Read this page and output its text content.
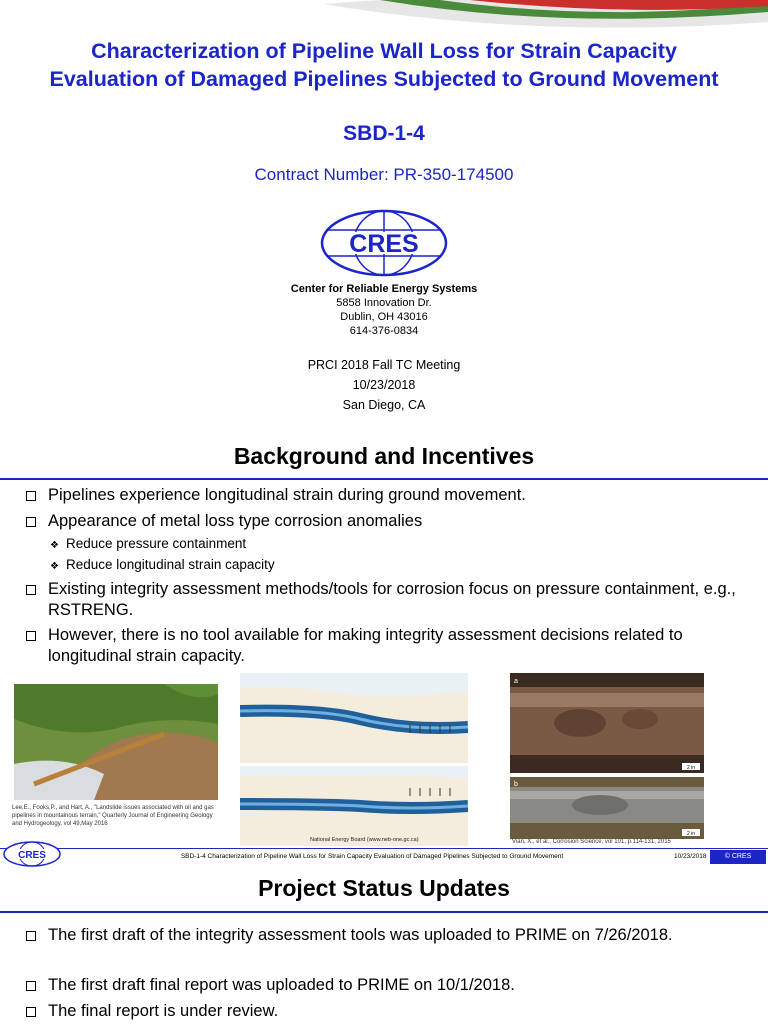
Characterization of Pipeline Wall Loss for Strain Capacity
Evaluation of Damaged Pipelines Subjected to Ground Movement
SBD-1-4
Contract Number: PR-350-174500
CRES
Center for Reliable Energy Systems
5858 Innovation Dr.
Dublin, OH 43016
614-376-0834
PRCI 2018 Fall TC Meeting
10/23/2018
San Diego, CA
Background and Incentives
Pipelines experience longitudinal strain during ground movement.
Appearance of metal loss type corrosion anomalies
❖ Reduce pressure containment
❖ Reduce longitudinal strain capacity
Existing integrity assessment methods/tools for corrosion focus on pressure containment, e.g., RSTRENG.
However, there is no tool available for making integrity assessment decisions related to longitudinal strain capacity.
Lee,E., Fooks,P., and Hart, A., "Landslide issues associated with oil and gas pipelines in mountainous terrain," Quarterly Journal of Engineering Geology and Hydrogeology, vol 49,May 2016
National Energy Board (www.neb-one.gc.ca)
2 in
a
2 in
b
Vian, X., et al., Corrosion Science, vol 101, p.114-131, 2015
CRES	SBD-1-4 Characterization of Pipeline Wall Loss for Strain Capacity Evaluation of Damaged Pipelines Subjected to Ground Movement	10/23/2018	© CRES
Project Status Updates
The first draft of the integrity assessment tools was uploaded to PRIME on 7/26/2018.
The first draft final report was uploaded to PRIME on 10/1/2018.
The final report is under review.
